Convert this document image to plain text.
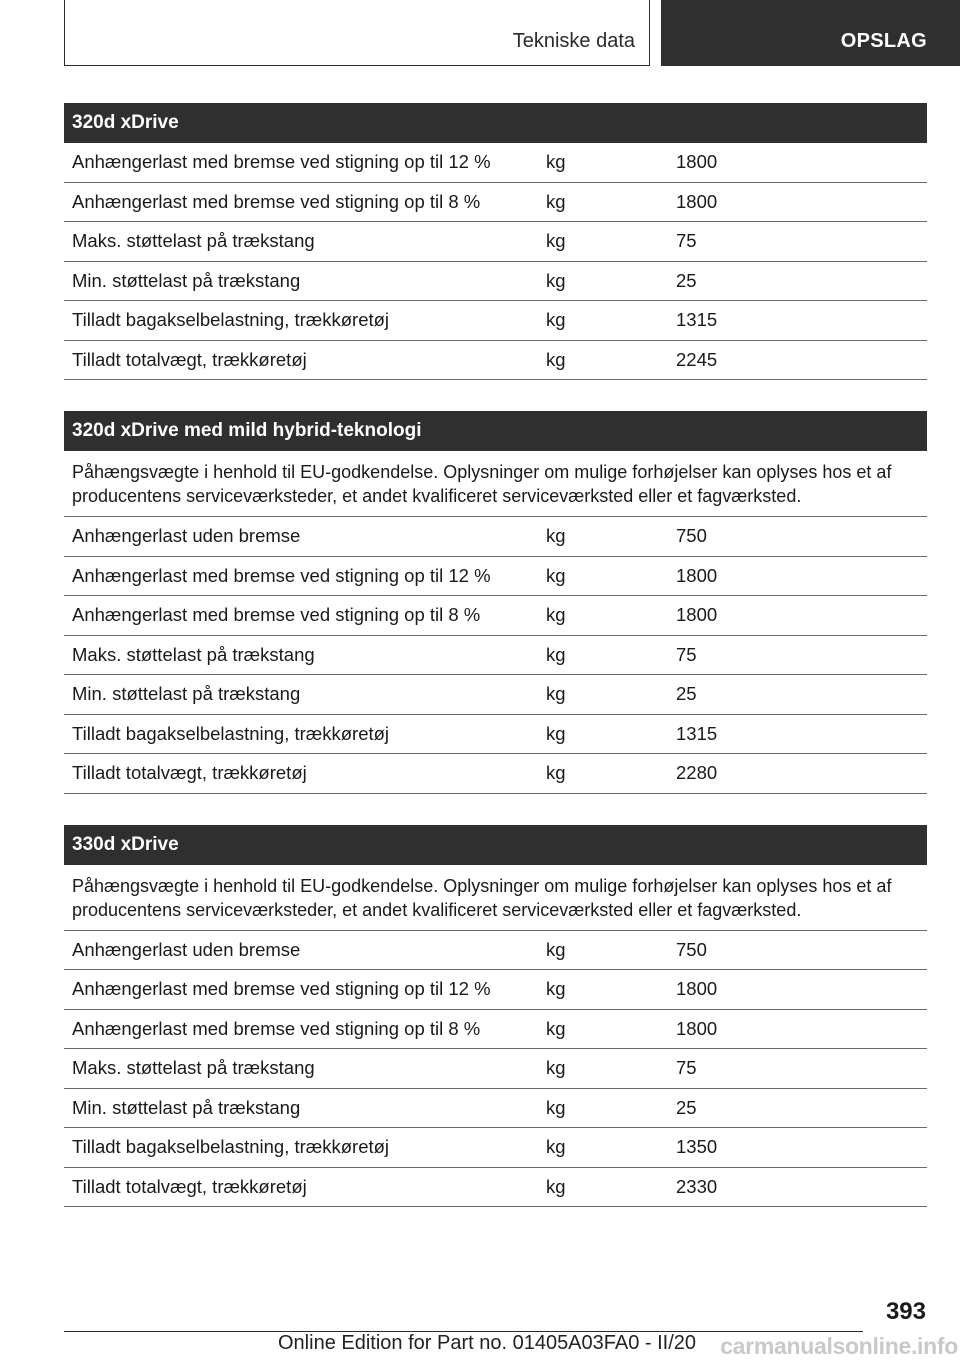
Tekniske data	OPSLAG
320d xDrive
Anhængerlast med bremse ved stigning op til 12 %	kg	1800
Anhængerlast med bremse ved stigning op til 8 %	kg	1800
Maks. støttelast på trækstang	kg	75
Min. støttelast på trækstang	kg	25
Tilladt bagakselbelastning, trækkøretøj	kg	1315
Tilladt totalvægt, trækkøretøj	kg	2245
320d xDrive med mild hybrid-teknologi
Påhængsvægte i henhold til EU-godkendelse. Oplysninger om mulige forhøjelser kan oplyses hos et af producentens serviceværksteder, et andet kvalificeret serviceværksted eller et fagværksted.
Anhængerlast uden bremse	kg	750
Anhængerlast med bremse ved stigning op til 12 %	kg	1800
Anhængerlast med bremse ved stigning op til 8 %	kg	1800
Maks. støttelast på trækstang	kg	75
Min. støttelast på trækstang	kg	25
Tilladt bagakselbelastning, trækkøretøj	kg	1315
Tilladt totalvægt, trækkøretøj	kg	2280
330d xDrive
Påhængsvægte i henhold til EU-godkendelse. Oplysninger om mulige forhøjelser kan oplyses hos et af producentens serviceværksteder, et andet kvalificeret serviceværksted eller et fagværksted.
Anhængerlast uden bremse	kg	750
Anhængerlast med bremse ved stigning op til 12 %	kg	1800
Anhængerlast med bremse ved stigning op til 8 %	kg	1800
Maks. støttelast på trækstang	kg	75
Min. støttelast på trækstang	kg	25
Tilladt bagakselbelastning, trækkøretøj	kg	1350
Tilladt totalvægt, trækkøretøj	kg	2330
393
Online Edition for Part no. 01405A03FA0 - II/20	carmanualsonline.info
